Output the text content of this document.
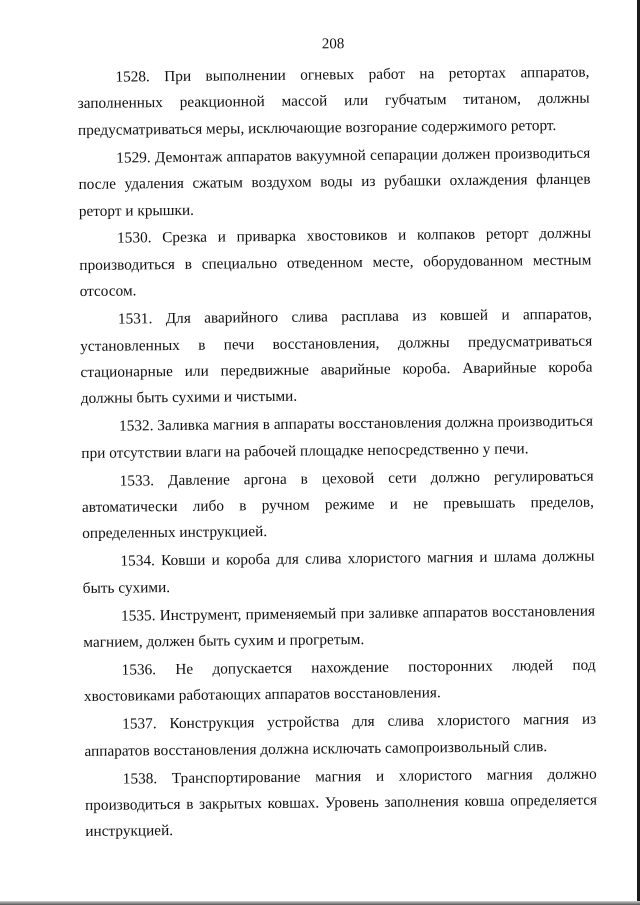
208

1528. При выполнении огневых работ на ретортах аппаратов, заполненных реакционной массой или губчатым титаном, должны предусматриваться меры, исключающие возгорание содержимого реторт.

1529. Демонтаж аппаратов вакуумной сепарации должен производиться после удаления сжатым воздухом воды из рубашки охлаждения фланцев реторт и крышки.

1530. Срезка и приварка хвостовиков и колпаков реторт должны производиться в специально отведенном месте, оборудованном местным отсосом.

1531. Для аварийного слива расплава из ковшей и аппаратов, установленных в печи восстановления, должны предусматриваться стационарные или передвижные аварийные короба. Аварийные короба должны быть сухими и чистыми.

1532. Заливка магния в аппараты восстановления должна производиться при отсутствии влаги на рабочей площадке непосредственно у печи.

1533. Давление аргона в цеховой сети должно регулироваться автоматически либо в ручном режиме и не превышать пределов, определенных инструкцией.

1534. Ковши и короба для слива хлористого магния и шлама должны быть сухими.

1535. Инструмент, применяемый при заливке аппаратов восстановления магнием, должен быть сухим и прогретым.

1536. Не допускается нахождение посторонних людей под хвостовиками работающих аппаратов восстановления.

1537. Конструкция устройства для слива хлористого магния из аппаратов восстановления должна исключать самопроизвольный слив.

1538. Транспортирование магния и хлористого магния должно производиться в закрытых ковшах. Уровень заполнения ковша определяется инструкцией.
